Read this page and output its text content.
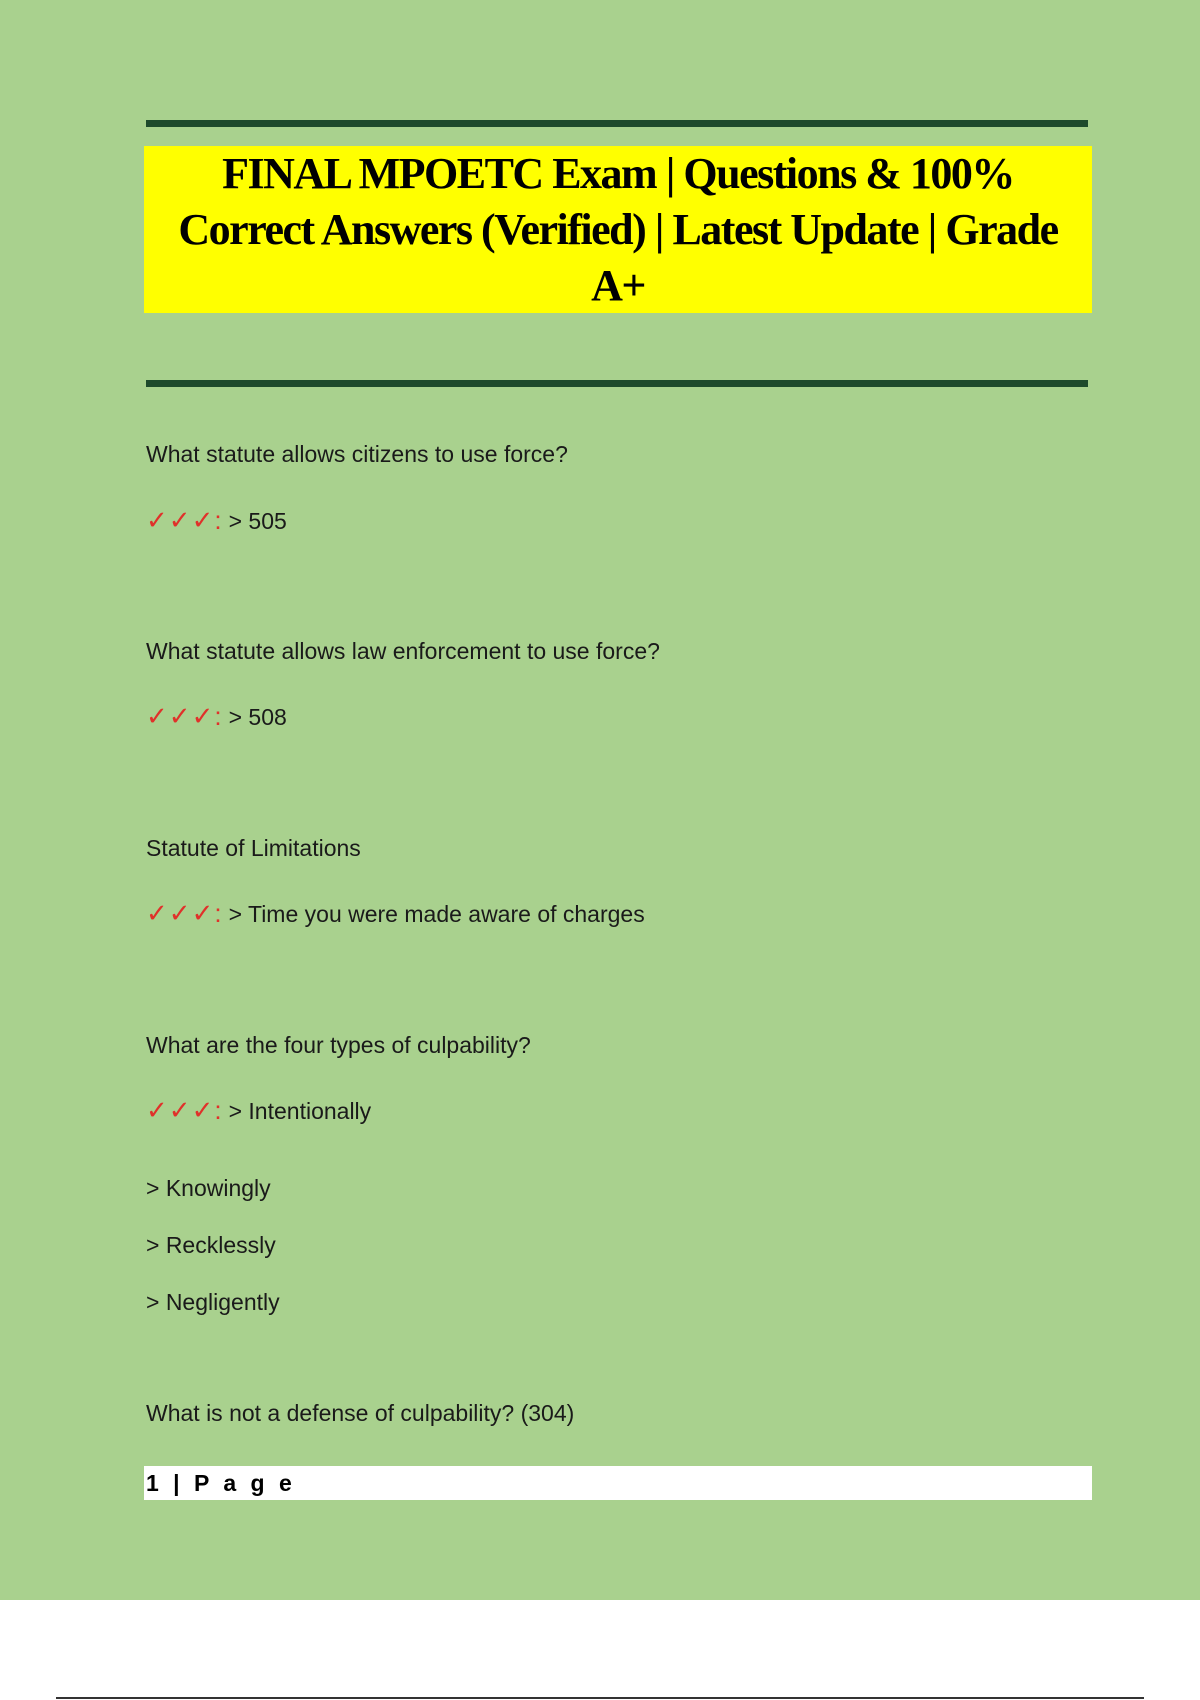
FINAL MPOETC Exam | Questions & 100% Correct Answers (Verified) | Latest Update | Grade A+
What statute allows citizens to use force?
✓✓✓: > 505
What statute allows law enforcement to use force?
✓✓✓: > 508
Statute of Limitations
✓✓✓: > Time you were made aware of charges
What are the four types of culpability?
✓✓✓: > Intentionally
> Knowingly
> Recklessly
> Negligently
What is not a defense of culpability? (304)
1 | P a g e
